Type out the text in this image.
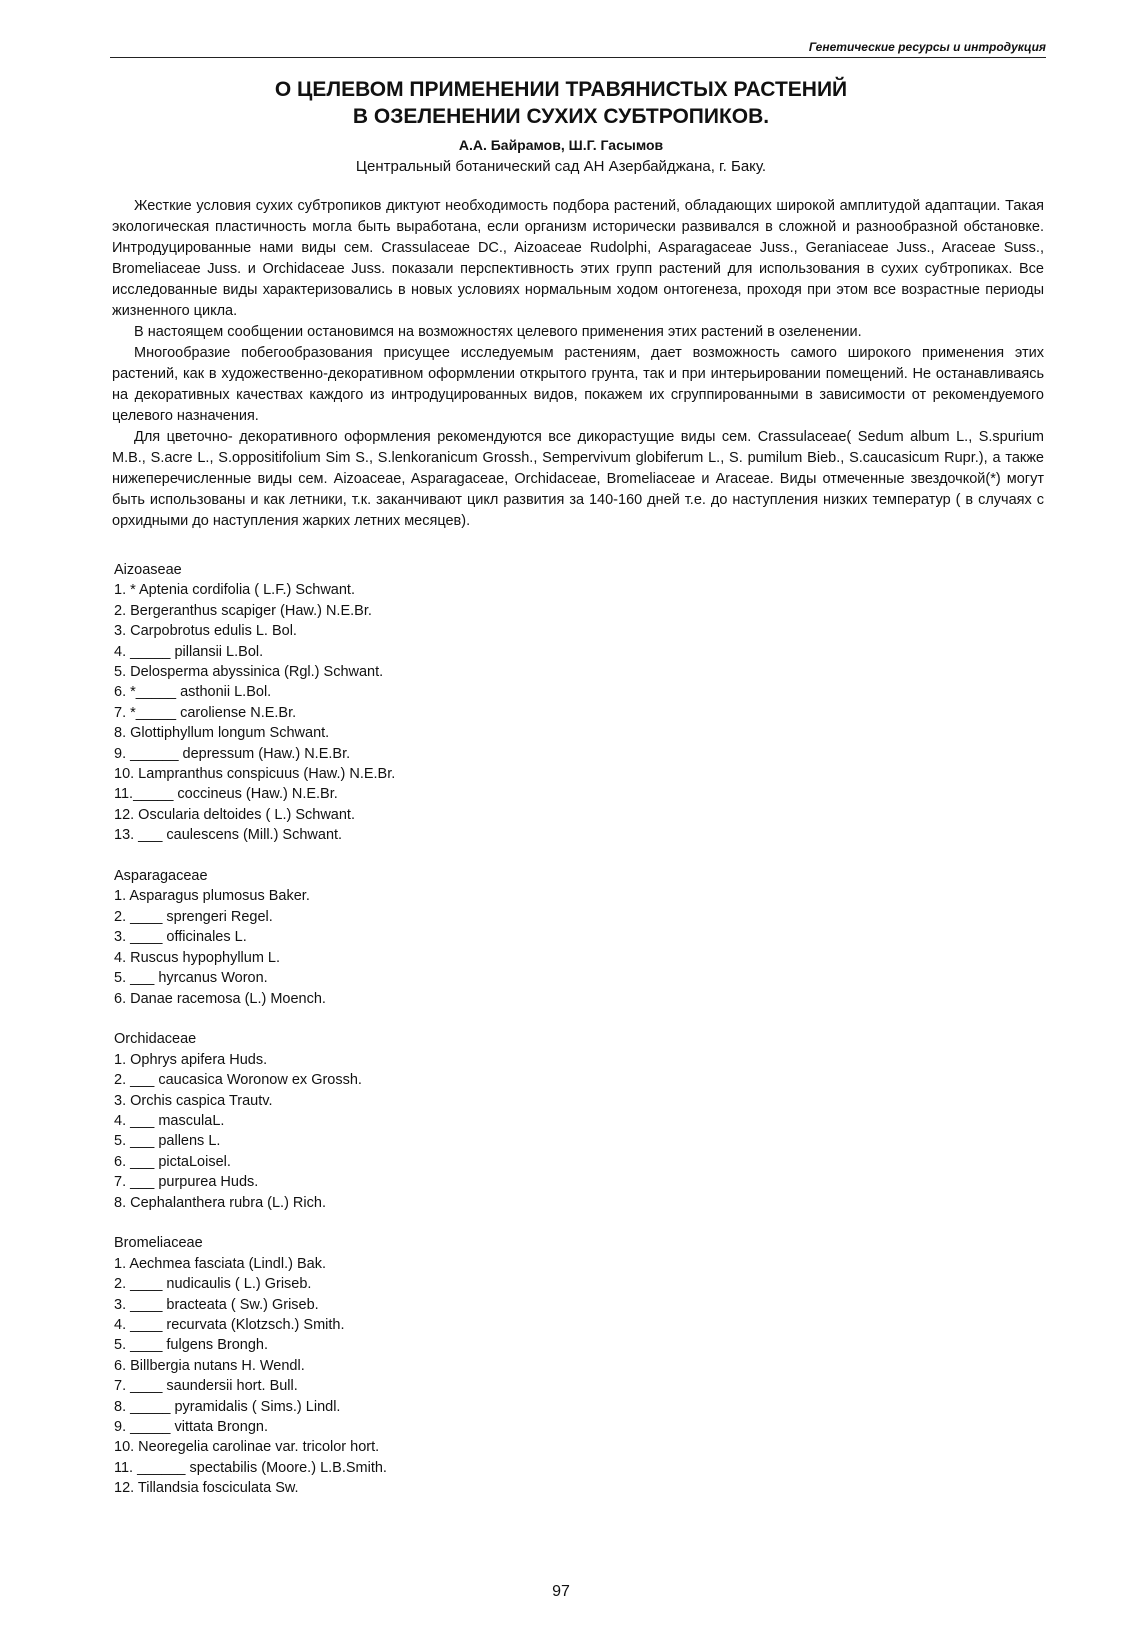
Генетические ресурсы и интродукция
О ЦЕЛЕВОМ ПРИМЕНЕНИИ ТРАВЯНИСТЫХ РАСТЕНИЙ
В ОЗЕЛЕНЕНИИ СУХИХ СУБТРОПИКОВ.
А.А. Байрамов, Ш.Г. Гасымов
Центральный ботанический сад АН Азербайджана, г. Баку.

Жесткие условия сухих субтропиков диктуют необходимость подбора растений, обладающих широкой амплитудой адаптации. Такая экологическая пластичность могла быть выработана, если организм исторически развивался в сложной и разнообразной обстановке. Интродуцированные нами виды сем. Crassulaceae DC., Aizoaceae Rudolphi, Asparagaceae Juss., Geraniaceae Juss., Araceae Suss., Bromeliaceae Juss. и Orchidaceae Juss. показали перспективность этих групп растений для использования в сухих субтропиках. Все исследованные виды характеризовались в новых условиях нормальным ходом онтогенеза, проходя при этом все возрастные периоды жизненного цикла.

В настоящем сообщении остановимся на возможностях целевого применения этих растений в озеленении.

Многообразие побегообразования присущее исследуемым растениям, дает возможность самого широкого применения этих растений, как в художественно-декоративном оформлении открытого грунта, так и при интерьировании помещений. Не останавливаясь на декоративных качествах каждого из интродуцированных видов, покажем их сгруппированными в зависимости от рекомендуемого целевого назначения.

Для цветочно- декоративного оформления рекомендуются все дикорастущие виды сем. Crassulaceae( Sedum album L., S.spurium M.B., S.acre L., S.oppositifolium Sim S., S.lenkoranicum Grossh., Sempervivum globiferum L., S. pumilum Bieb., S.caucasicum Rupr.), а также нижеперечисленные виды сем. Aizoaceae, Asparagaceae, Orchidaceae, Bromeliaceae и Araceae. Виды отмеченные звездочкой(*) могут быть использованы и как летники, т.к. заканчивают цикл развития за 140-160 дней т.е. до наступления низких температур ( в случаях с орхидными до наступления жарких летних месяцев).

Aizoaseae
1. * Aptenia cordifolia ( L.F.) Schwant.
2. Bergeranthus scapiger (Haw.) N.E.Br.
3. Carpobrotus edulis L. Bol.
4. _____ pillansii L.Bol.
5. Delosperma abyssinica (Rgl.) Schwant.
6. *_____ asthonii L.Bol.
7. *_____ caroliense N.E.Br.
8. Glottiphyllum longum Schwant.
9. ______ depressum (Haw.) N.E.Br.
10. Lampranthus conspicuus (Haw.) N.E.Br.
11._____ coccineus (Haw.) N.E.Br.
12. Oscularia deltoides ( L.) Schwant.
13. ___ caulescens (Mill.) Schwant.
Asparagaceae
1. Asparagus plumosus Baker.
2. ____ sprengeri Regel.
3. ____ officinales L.
4. Ruscus hypophyllum L.
5. ___ hyrcanus Woron.
6. Danae racemosa (L.) Moench.
Orchidaceae
1. Ophrys apifera Huds.
2. ___ caucasica Woronow ex Grossh.
3. Orchis caspica Trautv.
4. ___ masculaL.
5. ___ pallens L.
6. ___ pictaLoisel.
7. ___ purpurea Huds.
8. Cephalanthera rubra (L.) Rich.
Bromeliaceae
1. Aechmea fasciata (Lindl.) Bak.
2. ____ nudicaulis ( L.) Griseb.
3. ____ bracteata ( Sw.) Griseb.
4. ____ recurvata (Klotzsch.) Smith.
5. ____ fulgens Brongh.
6. Billbergia nutans H. Wendl.
7. ____ saundersii hort. Bull.
8. _____ pyramidalis ( Sims.) Lindl.
9. _____ vittata Brongn.
10. Neoregelia carolinae var. tricolor hort.
11. ______ spectabilis (Moore.) L.B.Smith.
12. Tillandsia fosciculata Sw.
97
